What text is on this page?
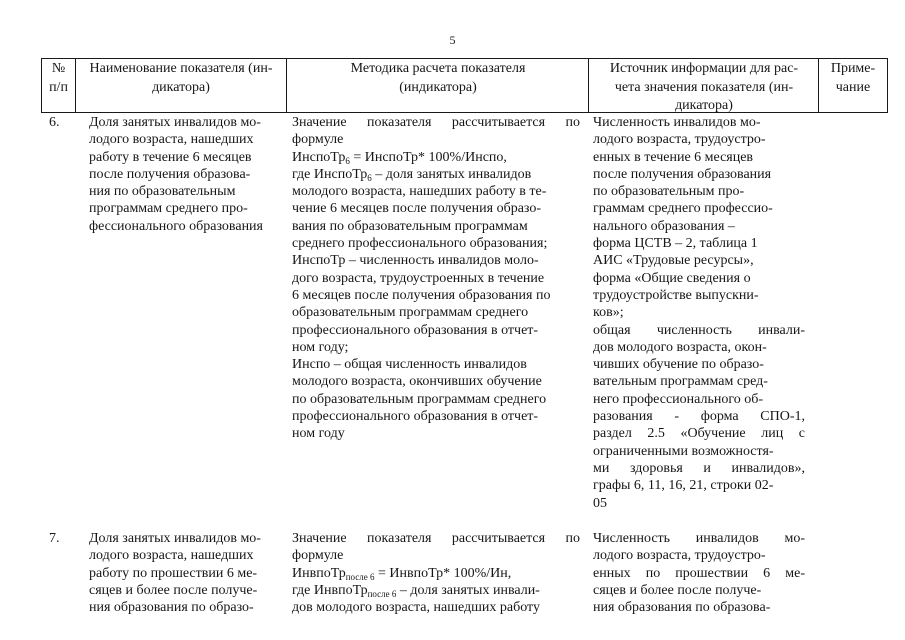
5
№
п/п
Наименование показателя (ин-
дикатора)
Методика расчета показателя
(индикатора)
Источник информации для рас-
чета значения показателя (ин-
дикатора)
Приме-
чание
6. Доля занятых инвалидов мо-
лодого возраста, нашедших
работу в течение 6 месяцев
после получения образова-
ния по образовательным
программам среднего про-
фессионального образования
Значение показателя рассчитывается по
формуле
ИнспоТр$_6$ = ИнспоТр* 100%/Инспо,
где ИнспоТр$_6$ – доля занятых инвалидов
молодого возраста, нашедших работу в те-
чение 6 месяцев после получения образо-
вания по образовательным программам
среднего профессионального образования;
ИнспоТр – численность инвалидов моло-
дого возраста, трудоустроенных в течение
6 месяцев после получения образования по
образовательным программам среднего
профессионального образования в отчет-
ном году;
Инспо – общая численность инвалидов
молодого возраста, окончивших обучение
по образовательным программам среднего
профессионального образования в отчет-
ном году
Численность инвалидов мо-
лодого возраста, трудоустро-
енных в течение 6 месяцев
после получения образования
по образовательным про-
граммам среднего профессио-
нального образования –
форма ЦСТВ – 2, таблица 1
АИС «Трудовые ресурсы»,
форма «Общие сведения о
трудоустройстве выпускни-
ков»;
общая численность инвали-
дов молодого возраста, окон-
чивших обучение по образо-
вательным программам сред-
него профессионального об-
разования - форма СПО-1,
раздел 2.5 «Обучение лиц с
ограниченными возможностя-
ми здоровья и инвалидов»,
графы 6, 11, 16, 21, строки 02-
05
7. Доля занятых инвалидов мо-
лодого возраста, нашедших
работу по прошествии 6 ме-
сяцев и более после получе-
ния образования по образо-
Значение показателя рассчитывается по
формуле
ИнвпоТр$_{после 6}$ = ИнвпоТр* 100%/Ин,
где ИнвпоТр$_{после 6}$ – доля занятых инвали-
дов молодого возраста, нашедших работу
Численность инвалидов мо-
лодого возраста, трудоустро-
енных по прошествии 6 ме-
сяцев и более после получе-
ния образования по образова-
